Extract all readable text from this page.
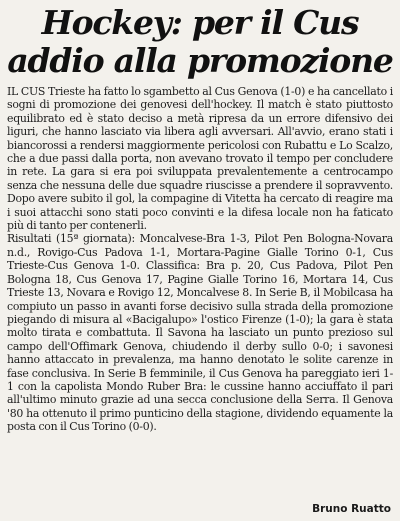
Hockey: per il Cus
addio alla promozione

IL CUS Trieste ha fatto lo sgambetto al Cus Genova (1-0) e ha cancellato i sogni di promozione dei genovesi dell'hockey. Il match è stato piuttosto equilibrato ed è stato deciso a metà ripresa da un errore difensivo dei liguri, che hanno lasciato via libera agli avversari. All'avvio, erano stati i biancorossi a rendersi maggiormente pericolosi con Rubattu e Lo Scalzo, che a due passi dalla porta, non avevano trovato il tempo per concludere in rete. La gara si era poi sviluppata prevalentemente a centrocampo senza che nessuna delle due squadre riuscisse a prendere il sopravvento. Dopo avere subito il gol, la compagine di Vitetta ha cercato di reagire ma i suoi attacchi sono stati poco convinti e la difesa locale non ha faticato più di tanto per contenerli.

Risultati (15ª giornata): Moncalvese-Bra 1-3, Pilot Pen Bologna-Novara n.d., Rovigo-Cus Padova 1-1, Mortara-Pagine Gialle Torino 0-1, Cus Trieste-Cus Genova 1-0. Classifica: Bra p. 20, Cus Padova, Pilot Pen Bologna 18, Cus Genova 17, Pagine Gialle Torino 16, Mortara 14, Cus Trieste 13, Novara e Rovigo 12, Moncalvese 8. In Serie B, il Mobilcasa ha compiuto un passo in avanti forse decisivo sulla strada della promozione piegando di misura al «Bacigalupo» l'ostico Firenze (1-0); la gara è stata molto tirata e combattuta. Il Savona ha lasciato un punto prezioso sul campo dell'Offimark Genova, chiudendo il derby sullo 0-0; i savonesi hanno attaccato in prevalenza, ma hanno denotato le solite carenze in fase conclusiva. In Serie B femminile, il Cus Genova ha pareggiato ieri 1-1 con la capolista Mondo Ruber Bra: le cussine hanno acciuffato il pari all'ultimo minuto grazie ad una secca conclusione della Serra. Il Genova '80 ha ottenuto il primo punticino della stagione, dividendo equamente la posta con il Cus Torino (0-0).

Bruno Ruatto
